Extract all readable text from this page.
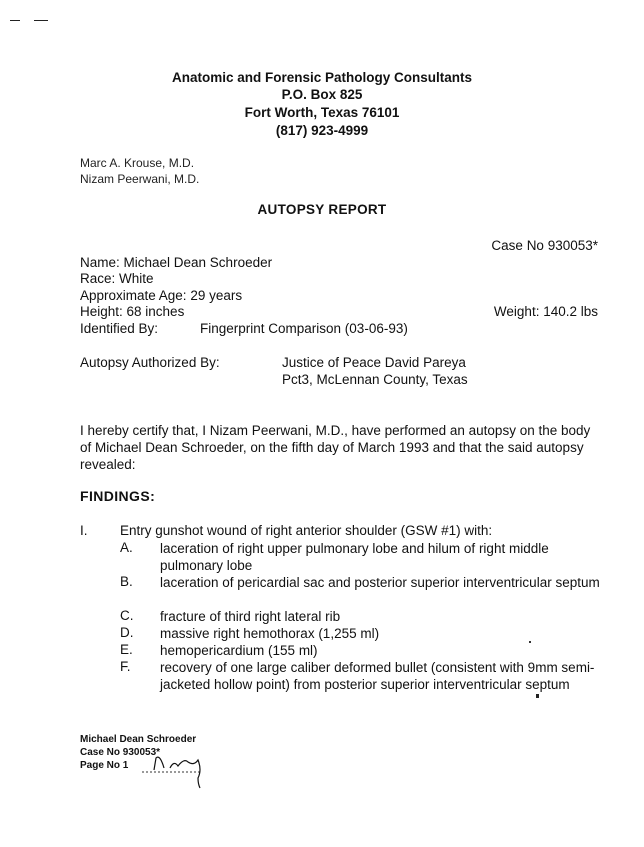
Anatomic and Forensic Pathology Consultants
P.O. Box 825
Fort Worth, Texas 76101
(817) 923-4999
Marc A. Krouse, M.D.
Nizam Peerwani, M.D.
AUTOPSY REPORT
Case No 930053*
Name: Michael Dean Schroeder
Race: White
Approximate Age: 29 years
Height: 68 inches	Weight: 140.2 lbs
Identified By:	Fingerprint Comparison (03-06-93)
Autopsy Authorized By:	Justice of Peace David Pareya
Pct3, McLennan County, Texas
I hereby certify that, I Nizam Peerwani, M.D., have performed an autopsy on the body of Michael Dean Schroeder, on the fifth day of March 1993 and that the said autopsy revealed:
FINDINGS:
I. Entry gunshot wound of right anterior shoulder (GSW #1) with:
A. laceration of right upper pulmonary lobe and hilum of right middle pulmonary lobe
B. laceration of pericardial sac and posterior superior interventricular septum
C. fracture of third right lateral rib
D. massive right hemothorax (1,255 ml)
E. hemopericardium (155 ml)
F. recovery of one large caliber deformed bullet (consistent with 9mm semi-jacketed hollow point) from posterior superior interventricular septum
Michael Dean Schroeder
Case No 930053*
Page No 1
